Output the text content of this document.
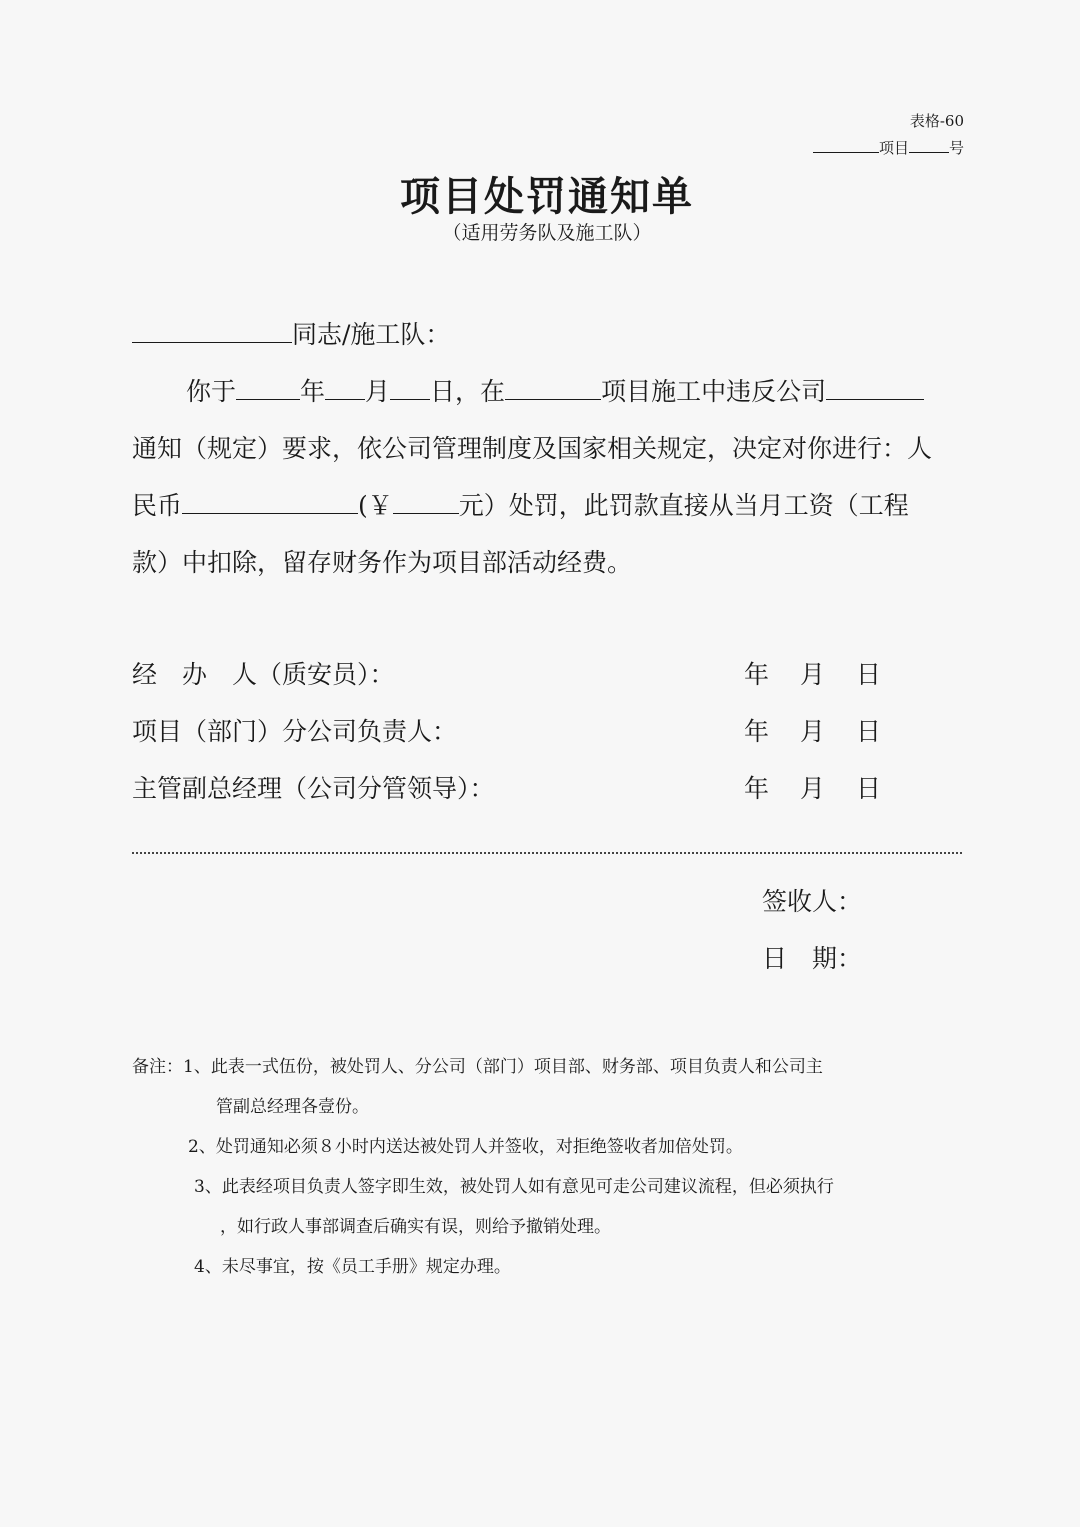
表格-60
项目	号
项目处罚通知单
（适用劳务队及施工队）
同志/施工队：
你于	年 月 日，在	项目施工中违反公司
通知（规定）要求，依公司管理制度及国家相关规定，决定对你进行：人
民币	(￥	元）处罚，此罚款直接从当月工资（工程
款）中扣除，留存财务作为项目部活动经费。
经　办　人（质安员）：	年 月 日
项目（部门）分公司负责人：	年 月 日
主管副总经理（公司分管领导）：	年 月 日
签收人：
日　期：
备注：1、此表一式伍份，被处罚人、分公司（部门）项目部、财务部、项目负责人和公司主
管副总经理各壹份。
2、处罚通知必须８小时内送达被处罚人并签收，对拒绝签收者加倍处罚。
3、此表经项目负责人签字即生效，被处罚人如有意见可走公司建议流程，但必须执行
，如行政人事部调查后确实有误，则给予撤销处理。
4、未尽事宜，按《员工手册》规定办理。
